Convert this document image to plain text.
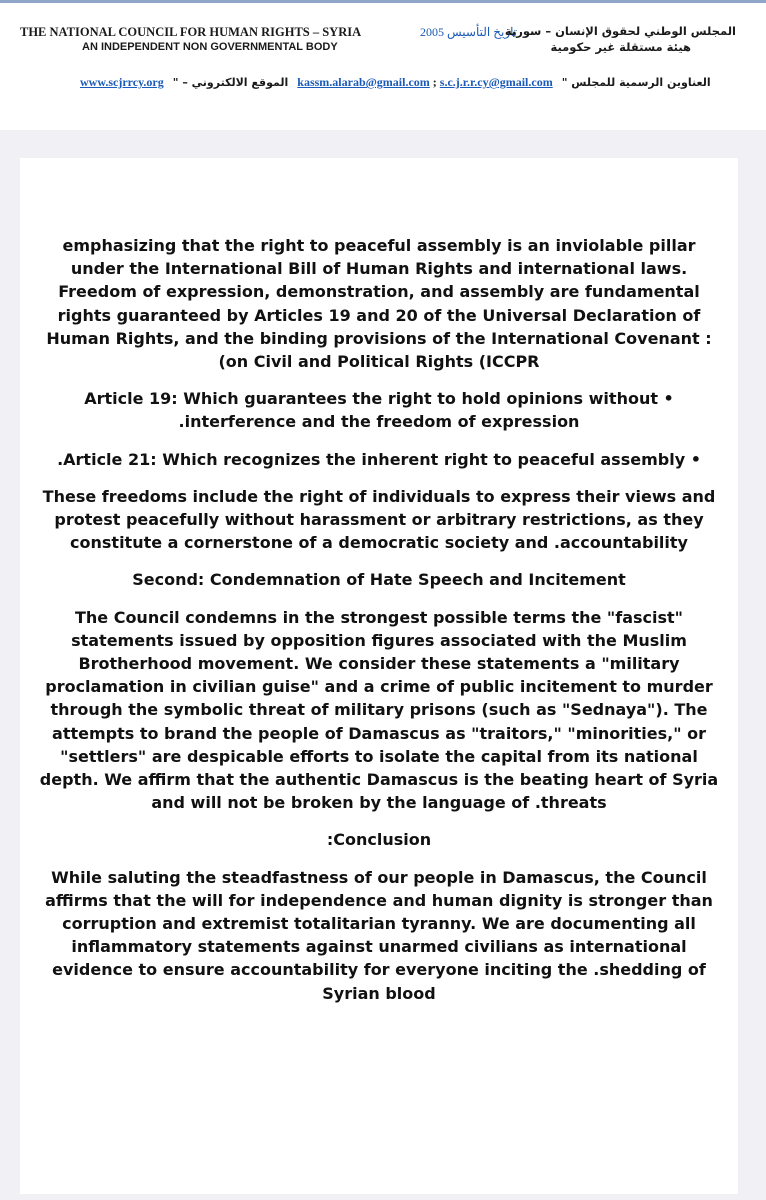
THE NATIONAL COUNCIL FOR HUMAN RIGHTS – SYRIA
AN INDEPENDENT NON GOVERNMENTAL BODY
تاريخ التأسيس 2005
المجلس الوطني لحقوق الإنسان – سورية
هيئة مستقلة غير حكومية
www.scjrrcy.org الموقع الالكتروني – " kassm.alarab@gmail.com ; s.c.j.r.r.cy@gmail.com العناوين الرسمية للمجلس "

emphasizing that the right to peaceful assembly is an inviolable pillar under the International Bill of Human Rights and international laws. Freedom of expression, demonstration, and assembly are fundamental rights guaranteed by Articles 19 and 20 of the Universal Declaration of Human Rights, and the binding provisions of the International Covenant :(on Civil and Political Rights (ICCPR

Article 19: Which guarantees the right to hold opinions without • .interference and the freedom of expression

.Article 21: Which recognizes the inherent right to peaceful assembly •

These freedoms include the right of individuals to express their views and protest peacefully without harassment or arbitrary restrictions, as they constitute a cornerstone of a democratic society and .accountability

Second: Condemnation of Hate Speech and Incitement

The Council condemns in the strongest possible terms the "fascist" statements issued by opposition figures associated with the Muslim Brotherhood movement. We consider these statements a "military proclamation in civilian guise" and a crime of public incitement to murder through the symbolic threat of military prisons (such as "Sednaya"). The attempts to brand the people of Damascus as "traitors," "minorities," or "settlers" are despicable efforts to isolate the capital from its national depth. We affirm that the authentic Damascus is the beating heart of Syria and will not be broken by the language of .threats

:Conclusion

While saluting the steadfastness of our people in Damascus, the Council affirms that the will for independence and human dignity is stronger than corruption and extremist totalitarian tyranny. We are documenting all inflammatory statements against unarmed civilians as international evidence to ensure accountability for everyone inciting the .shedding of Syrian blood
